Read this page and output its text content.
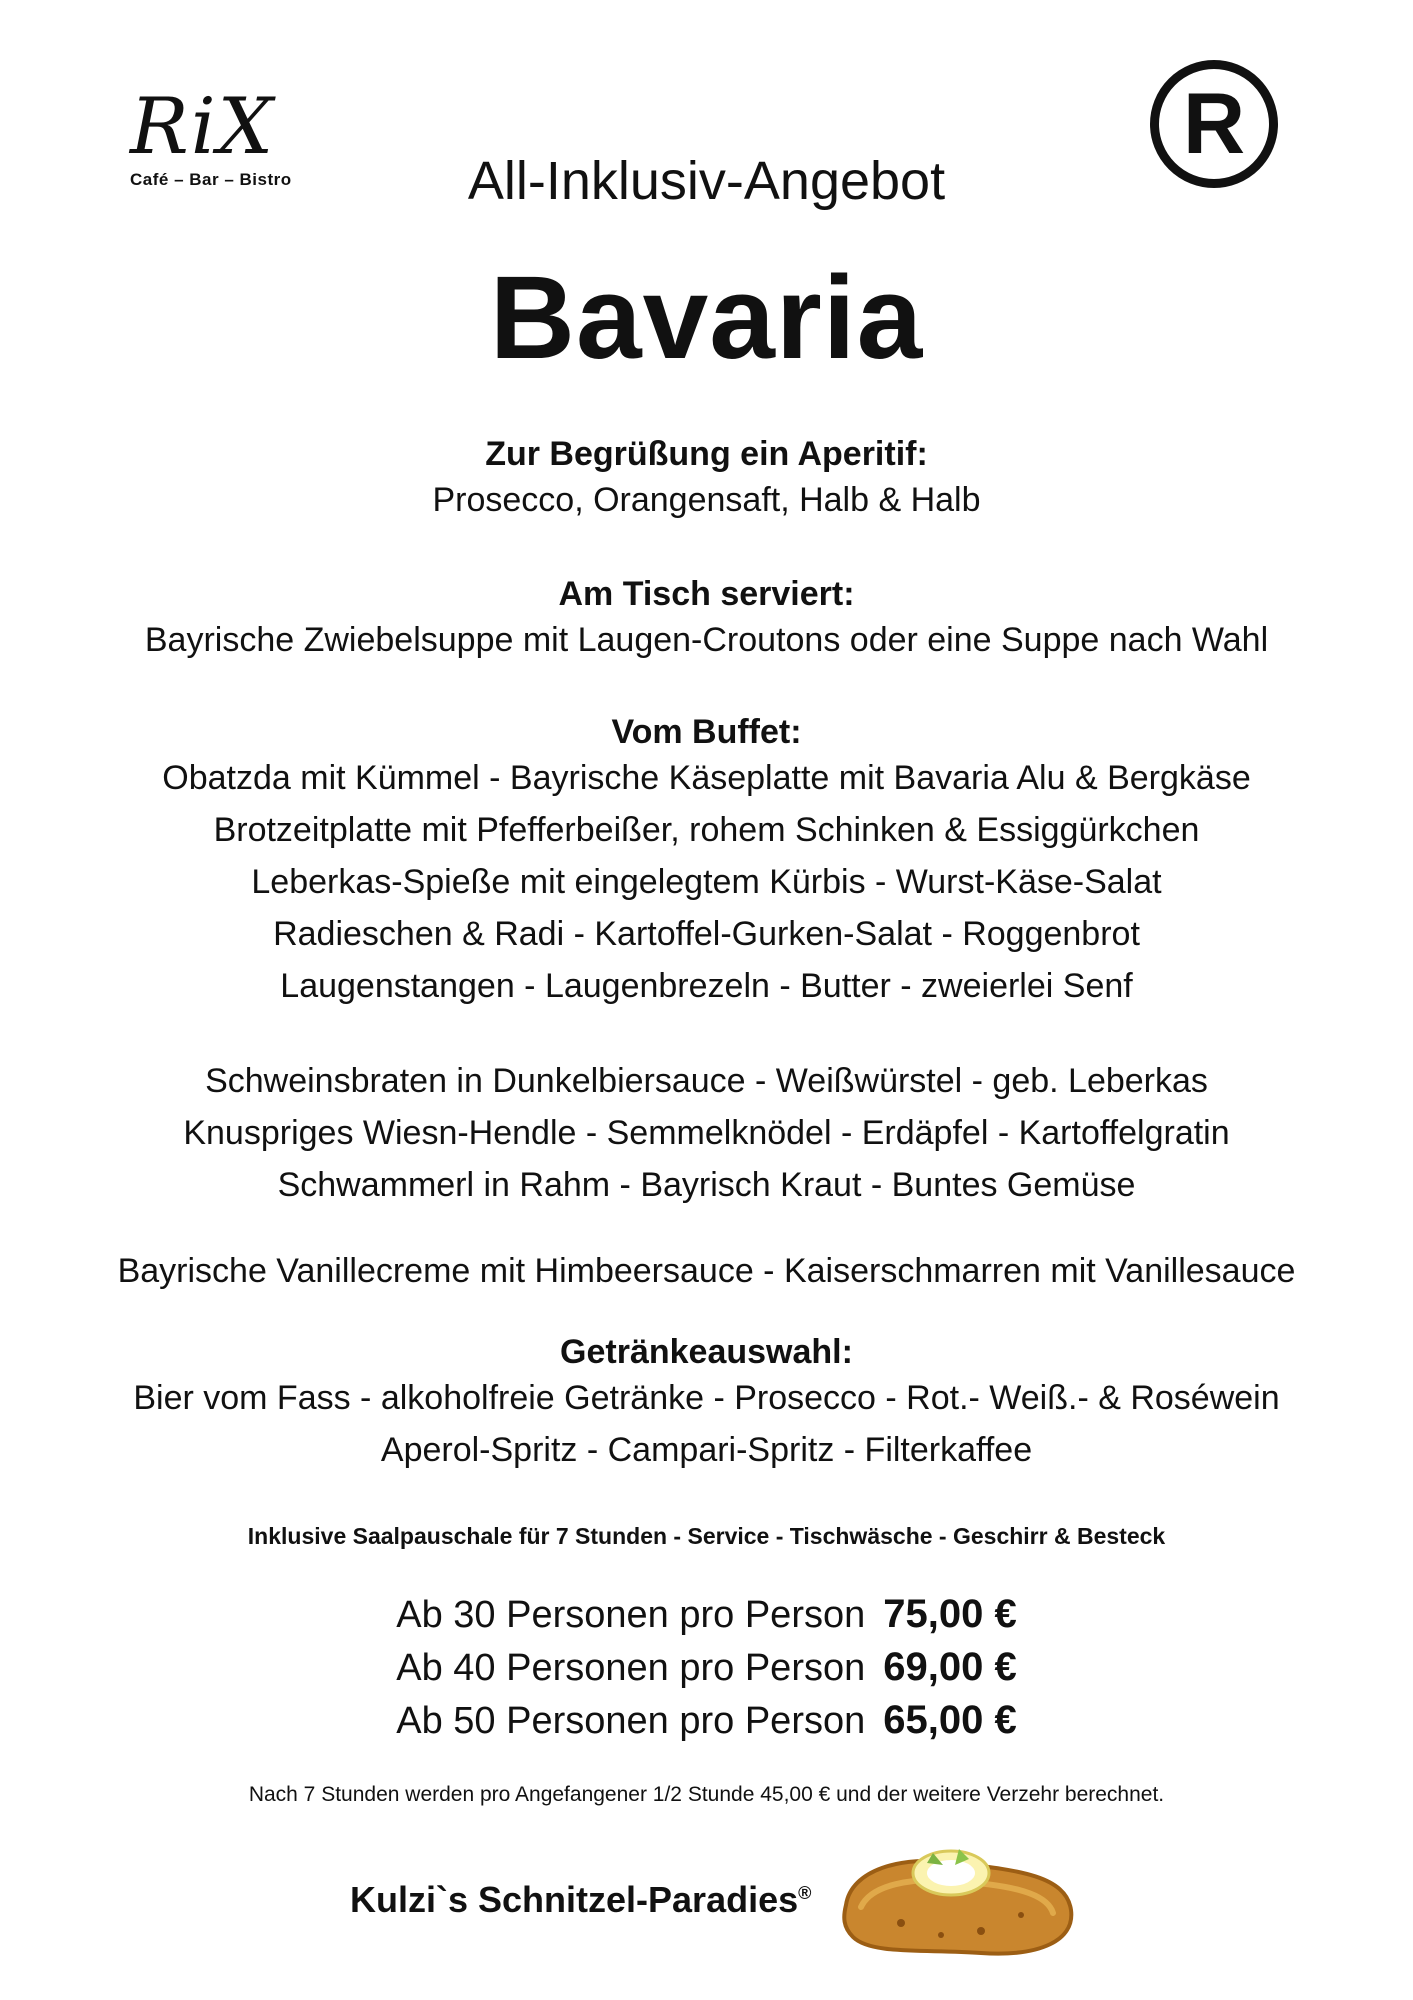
RiX
Café – Bar – Bistro
R
All-Inklusiv-Angebot
Bavaria
Zur Begrüßung ein Aperitif:
Prosecco, Orangensaft, Halb & Halb
Am Tisch serviert:
Bayrische Zwiebelsuppe mit Laugen-Croutons oder eine Suppe nach Wahl
Vom Buffet:
Obatzda mit Kümmel - Bayrische Käseplatte mit Bavaria Alu & Bergkäse
Brotzeitplatte mit Pfefferbeißer, rohem Schinken & Essiggürkchen
Leberkas-Spieße mit eingelegtem Kürbis - Wurst-Käse-Salat
Radieschen & Radi - Kartoffel-Gurken-Salat - Roggenbrot
Laugenstangen - Laugenbrezeln - Butter - zweierlei Senf
Schweinsbraten in Dunkelbiersauce - Weißwürstel - geb. Leberkas
Knuspriges Wiesn-Hendle - Semmelknödel - Erdäpfel - Kartoffelgratin
Schwammerl in Rahm - Bayrisch Kraut - Buntes Gemüse
Bayrische Vanillecreme mit Himbeersauce - Kaiserschmarren mit Vanillesauce
Getränkeauswahl:
Bier vom Fass - alkoholfreie Getränke - Prosecco - Rot.- Weiß.- & Roséwein
Aperol-Spritz - Campari-Spritz - Filterkaffee
Inklusive Saalpauschale für 7 Stunden - Service - Tischwäsche - Geschirr & Besteck
Ab 30 Personen pro Person 75,00 €
Ab 40 Personen pro Person 69,00 €
Ab 50 Personen pro Person 65,00 €
Nach 7 Stunden werden pro Angefangener 1/2 Stunde 45,00 € und der weitere Verzehr berechnet.
Kulzi`s Schnitzel-Paradies®
